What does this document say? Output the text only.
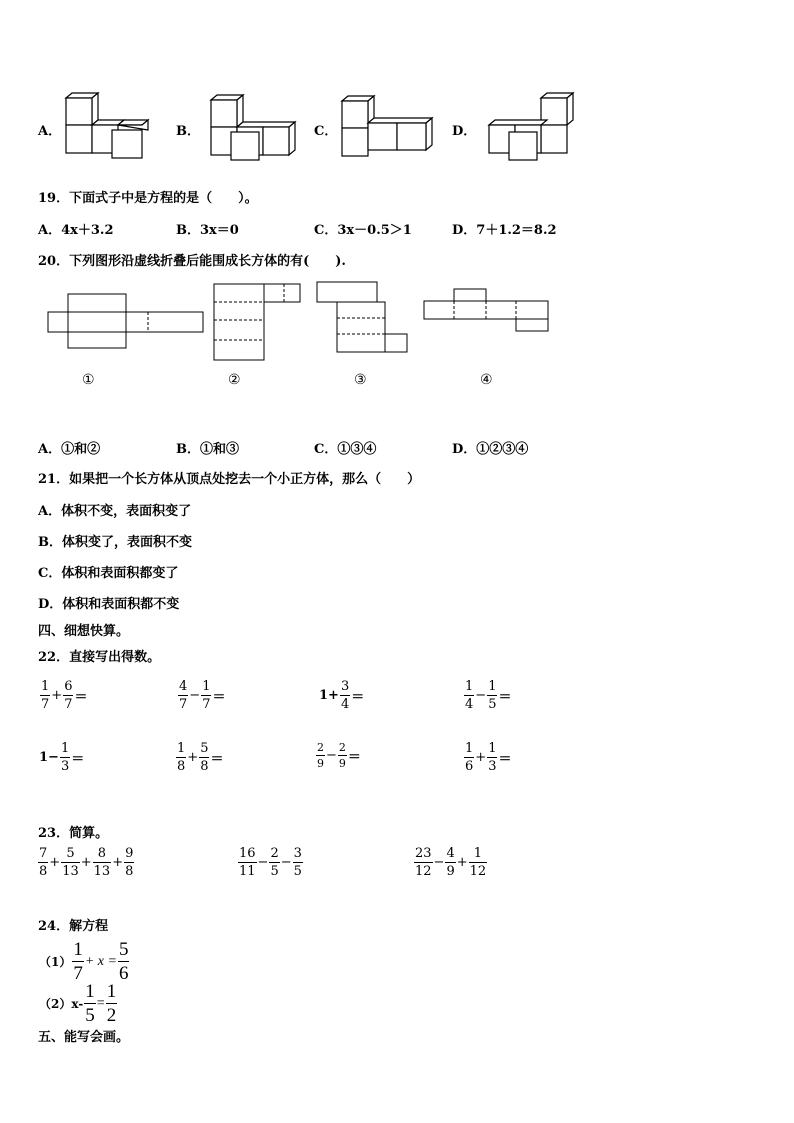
A．	B．	C．	D．
19．下面式子中是方程的是（　　）。
A．4x＋3.2	B．3x＝0	C．3x－0.5＞1	D．7＋1.2＝8.2
20．下列图形沿虚线折叠后能围成长方体的有(　　).
①	②	③	④
A．①和②	B．①和③	C．①③④	D．①②③④
21．如果把一个长方体从顶点处挖去一个小正方体，那么（　　）
A．体积不变，表面积变了
B．体积变了，表面积不变
C．体积和表面积都变了
D．体积和表面积都不变
四、细想快算。
22．直接写出得数。
$\frac{1}{7} + \frac{6}{7}$ ＝	$\frac{4}{7} - \frac{1}{7}$ ＝	$1+ \frac{3}{4}$ ＝	$\frac{1}{4} - \frac{1}{5}$ ＝
$1- \frac{1}{3}$ ＝	$\frac{1}{8} + \frac{5}{8}$ ＝	$\frac{2}{9} - \frac{2}{9}$ ＝	$\frac{1}{6} + \frac{1}{3}$ ＝
23．简算。
$\frac{7}{8} + \frac{5}{13} + \frac{8}{13} + \frac{9}{8}$	$\frac{16}{11} - \frac{2}{5} - \frac{3}{5}$	$\frac{23}{12} - \frac{4}{9} + \frac{1}{12}$
24．解方程
$(1) \frac{1}{7} + x = \frac{5}{6}$
$(2)x- \frac{1}{5} = \frac{1}{2}$
五、能写会画。
